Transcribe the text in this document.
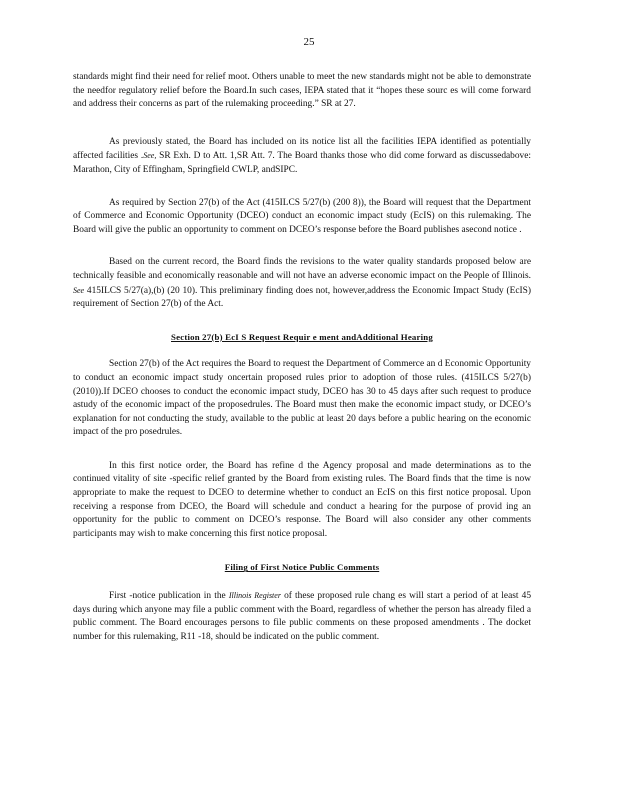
25

standards might find their need for relief moot. Others unable to meet the new standards might not be able to demonstrate the needfor regulatory relief before the Board.In such cases, IEPA stated that it “hopes these sourc es will come forward and address their concerns as part of the rulemaking proceeding.” SR at 27.

As previously stated, the Board has included on its notice list all the facilities IEPA identified as potentially affected facilities .See, SR Exh. D to Att. 1,SR Att. 7. The Board thanks those who did come forward as discussedabove: Marathon, City of Effingham, Springfield CWLP, andSIPC.

As required by Section 27(b) of the Act (415ILCS 5/27(b) (200 8)), the Board will request that the Department of Commerce and Economic Opportunity (DCEO) conduct an economic impact study (EcIS) on this rulemaking. The Board will give the public an opportunity to comment on DCEO’s response before the Board publishes asecond notice .

Based on the current record, the Board finds the revisions to the water quality standards proposed below are technically feasible and economically reasonable and will not have an adverse economic impact on the People of Illinois. See 415ILCS 5/27(a),(b) (20 10). This preliminary finding does not, however,address the Economic Impact Study (EcIS) requirement of Section 27(b) of the Act.

Section 27(b) EcI S Request Requir e ment andAdditional Hearing

Section 27(b) of the Act requires the Board to request the Department of Commerce an d Economic Opportunity to conduct an economic impact study oncertain proposed rules prior to adoption of those rules. (415ILCS 5/27(b) (2010)).If DCEO chooses to conduct the economic impact study, DCEO has 30 to 45 days after such request to produce astudy of the economic impact of the proposedrules. The Board must then make the economic impact study, or DCEO’s explanation for not conducting the study, available to the public at least 20 days before a public hearing on the economic impact of the pro posedrules.

In this first notice order, the Board has refine d the Agency proposal and made determinations as to the continued vitality of site -specific relief granted by the Board from existing rules. The Board finds that the time is now appropriate to make the request to DCEO to determine whether to conduct an EcIS on this first notice proposal. Upon receiving a response from DCEO, the Board will schedule and conduct a hearing for the purpose of provid ing an opportunity for the public to comment on DCEO’s response. The Board will also consider any other comments participants may wish to make concerning this first notice proposal.

Filing of First Notice Public Comments

First -notice publication in the Illinois Register of these proposed rule chang es will start a period of at least 45 days during which anyone may file a public comment with the Board, regardless of whether the person has already filed a public comment. The Board encourages persons to file public comments on these proposed amendments . The docket number for this rulemaking, R11 -18, should be indicated on the public comment.
